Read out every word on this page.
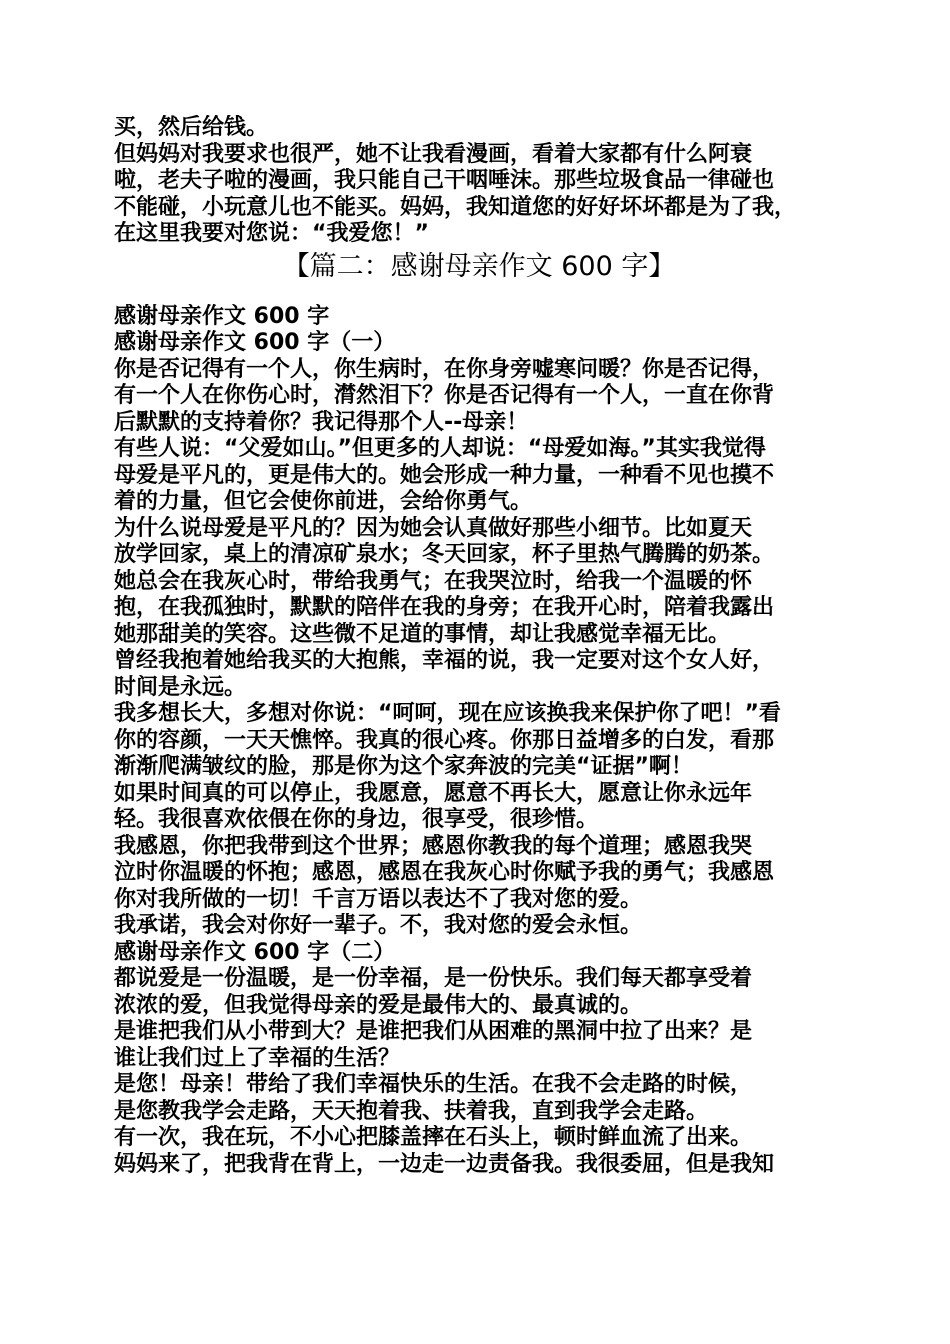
买，然后给钱。
但妈妈对我要求也很严，她不让我看漫画，看着大家都有什么阿衰
啦，老夫子啦的漫画，我只能自己干咽唾沫。那些垃圾食品一律碰也
不能碰，小玩意儿也不能买。妈妈，我知道您的好好坏坏都是为了我，
在这里我要对您说：“我爱您！”
【篇二：感谢母亲作文 600 字】
感谢母亲作文 600 字
感谢母亲作文 600 字（一）
你是否记得有一个人，你生病时，在你身旁嘘寒问暖？你是否记得，
有一个人在你伤心时，潸然泪下？你是否记得有一个人，一直在你背
后默默的支持着你？我记得那个人--母亲！
有些人说：“父爱如山。”但更多的人却说：“母爱如海。”其实我觉得
母爱是平凡的，更是伟大的。她会形成一种力量，一种看不见也摸不
着的力量，但它会使你前进，会给你勇气。
为什么说母爱是平凡的？因为她会认真做好那些小细节。比如夏天
放学回家，桌上的清凉矿泉水；冬天回家，杯子里热气腾腾的奶茶。
她总会在我灰心时，带给我勇气；在我哭泣时，给我一个温暖的怀
抱，在我孤独时，默默的陪伴在我的身旁；在我开心时，陪着我露出
她那甜美的笑容。这些微不足道的事情，却让我感觉幸福无比。
曾经我抱着她给我买的大抱熊，幸福的说，我一定要对这个女人好，
时间是永远。
我多想长大，多想对你说：“呵呵，现在应该换我来保护你了吧！”看
你的容颜，一天天憔悴。我真的很心疼。你那日益增多的白发，看那
渐渐爬满皱纹的脸，那是你为这个家奔波的完美“证据”啊！
如果时间真的可以停止，我愿意，愿意不再长大，愿意让你永远年
轻。我很喜欢依偎在你的身边，很享受，很珍惜。
我感恩，你把我带到这个世界；感恩你教我的每个道理；感恩我哭
泣时你温暖的怀抱；感恩，感恩在我灰心时你赋予我的勇气；我感恩
你对我所做的一切！千言万语以表达不了我对您的爱。
我承诺，我会对你好一辈子。不，我对您的爱会永恒。
感谢母亲作文 600 字（二）
都说爱是一份温暖，是一份幸福，是一份快乐。我们每天都享受着
浓浓的爱，但我觉得母亲的爱是最伟大的、最真诚的。
是谁把我们从小带到大？是谁把我们从困难的黑洞中拉了出来？是
谁让我们过上了幸福的生活？
是您！母亲！带给了我们幸福快乐的生活。在我不会走路的时候，
是您教我学会走路，天天抱着我、扶着我，直到我学会走路。
有一次，我在玩，不小心把膝盖摔在石头上，顿时鲜血流了出来。
妈妈来了，把我背在背上，一边走一边责备我。我很委屈，但是我知
